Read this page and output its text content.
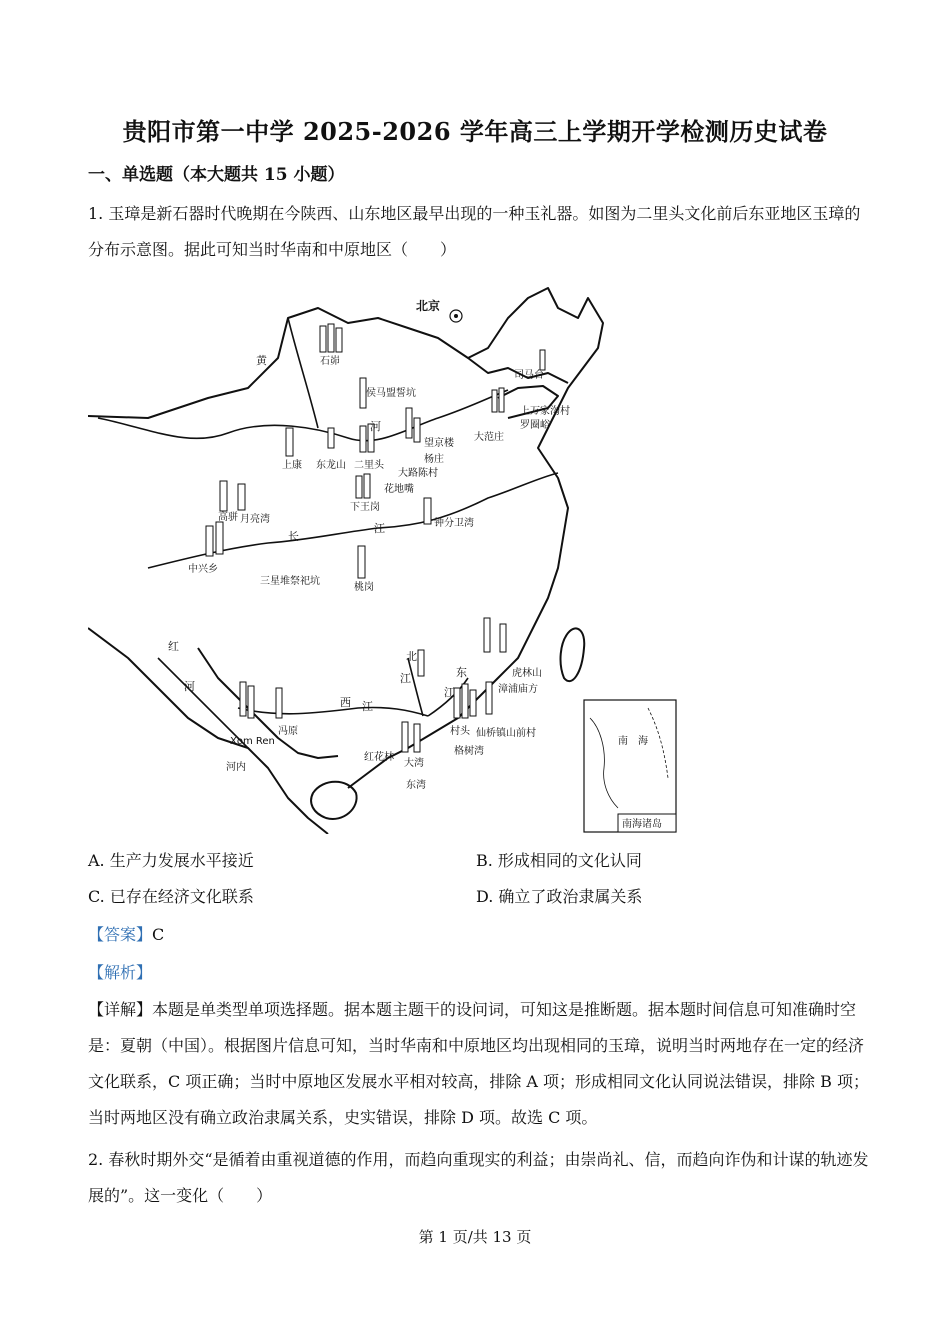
贵阳市第一中学 2025-2026 学年高三上学期开学检测历史试卷
一、单选题（本大题共 15 小题）
1. 玉璋是新石器时代晚期在今陕西、山东地区最早出现的一种玉礼器。如图为二里头文化前后东亚地区玉璋的分布示意图。据此可知当时华南和中原地区（　　）
北京
石峁
侯马盟誓坑
上康 东龙山 二里头
望京楼
杨庄
大路陈村
花地嘴
下王岗
钟分卫湾
司马台
上万家沟村
罗圈峪
大范庄
高骈 月亮湾
中兴乡
三星堆祭祀坑
桃岗
虎林山
漳浦庙方
村头 仙桥镇山前村
格树湾
红花林
大湾
东湾
冯原
Xom Ren
河内
黄
河
长
江
红
河
西 江
北
江	东
江
南　海
南海诸岛
A. 生产力发展水平接近	B. 形成相同的文化认同
C. 已存在经济文化联系	D. 确立了政治隶属关系
【答案】C
【解析】
【详解】本题是单类型单项选择题。据本题主题干的设问词，可知这是推断题。据本题时间信息可知准确时空是：夏朝（中国）。根据图片信息可知，当时华南和中原地区均出现相同的玉璋，说明当时两地存在一定的经济文化联系，C 项正确；当时中原地区发展水平相对较高，排除 A 项；形成相同文化认同说法错误，排除 B 项；当时两地区没有确立政治隶属关系，史实错误，排除 D 项。故选 C 项。
2. 春秋时期外交“是循着由重视道德的作用，而趋向重现实的利益；由崇尚礼、信，而趋向诈伪和计谋的轨迹发展的”。这一变化（　　）
第 1 页/共 13 页
